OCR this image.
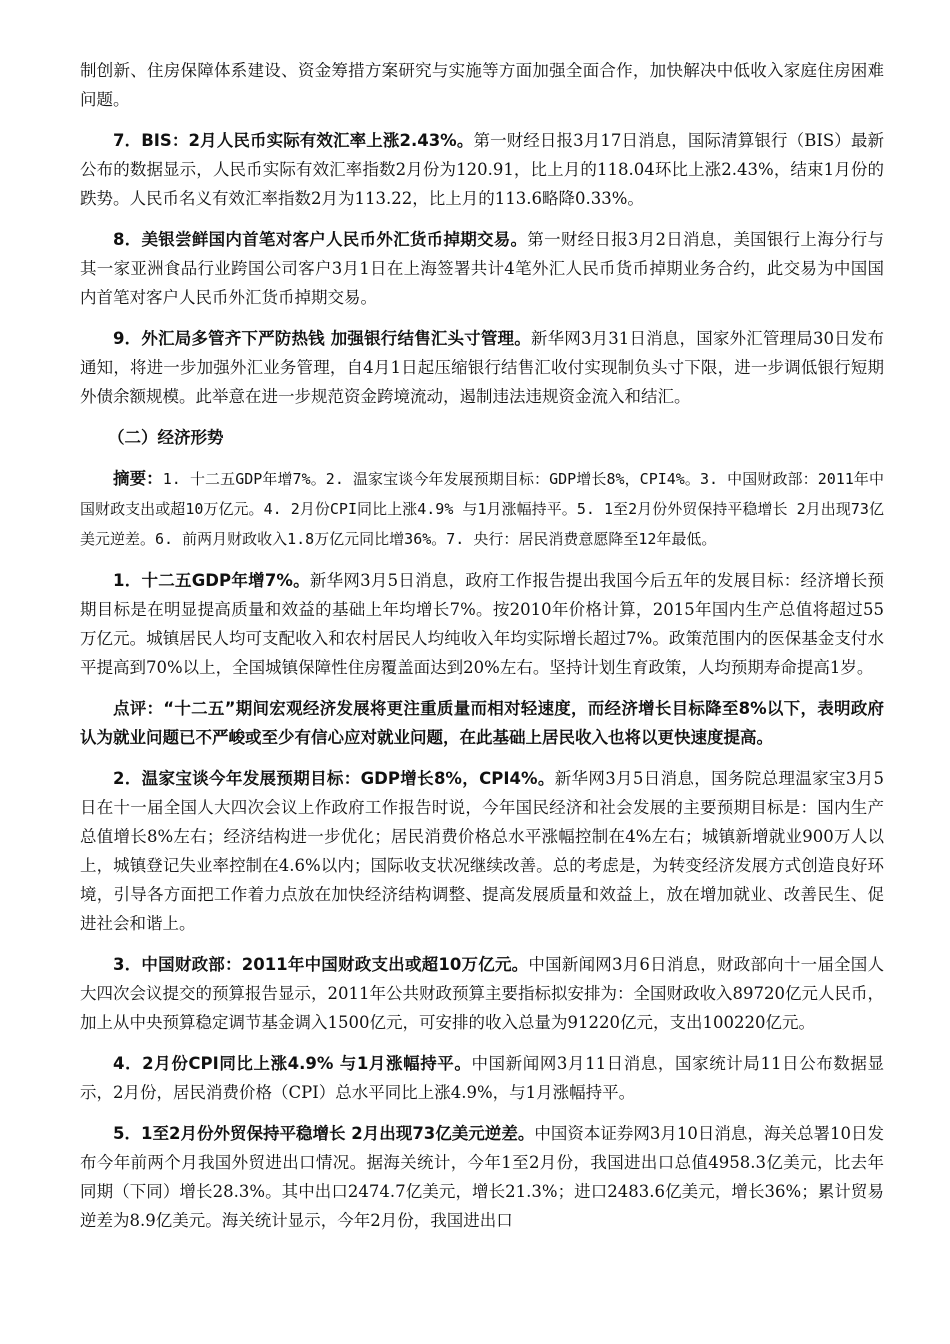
制创新、住房保障体系建设、资金筹措方案研究与实施等方面加强全面合作，加快解决中低收入家庭住房困难问题。

7．BIS：2月人民币实际有效汇率上涨2.43%。第一财经日报3月17日消息，国际清算银行（BIS）最新公布的数据显示，人民币实际有效汇率指数2月份为120.91，比上月的118.04环比上涨2.43%，结束1月份的跌势。人民币名义有效汇率指数2月为113.22，比上月的113.6略降0.33%。

8．美银尝鲜国内首笔对客户人民币外汇货币掉期交易。第一财经日报3月2日消息，美国银行上海分行与其一家亚洲食品行业跨国公司客户3月1日在上海签署共计4笔外汇人民币货币掉期业务合约，此交易为中国国内首笔对客户人民币外汇货币掉期交易。

9．外汇局多管齐下严防热钱 加强银行结售汇头寸管理。新华网3月31日消息，国家外汇管理局30日发布通知，将进一步加强外汇业务管理，自4月1日起压缩银行结售汇收付实现制负头寸下限，进一步调低银行短期外债余额规模。此举意在进一步规范资金跨境流动，遏制违法违规资金流入和结汇。

（二）经济形势

摘要：1. 十二五GDP年增7%。2. 温家宝谈今年发展预期目标：GDP增长8%，CPI4%。3. 中国财政部：2011年中国财政支出或超10万亿元。4. 2月份CPI同比上涨4.9% 与1月涨幅持平。5. 1至2月份外贸保持平稳增长 2月出现73亿美元逆差。6. 前两月财政收入1.8万亿元同比增36%。7. 央行：居民消费意愿降至12年最低。

1．十二五GDP年增7%。新华网3月5日消息，政府工作报告提出我国今后五年的发展目标：经济增长预期目标是在明显提高质量和效益的基础上年均增长7%。按2010年价格计算，2015年国内生产总值将超过55万亿元。城镇居民人均可支配收入和农村居民人均纯收入年均实际增长超过7%。政策范围内的医保基金支付水平提高到70%以上，全国城镇保障性住房覆盖面达到20%左右。坚持计划生育政策，人均预期寿命提高1岁。

点评：“十二五”期间宏观经济发展将更注重质量而相对轻速度，而经济增长目标降至8%以下，表明政府认为就业问题已不严峻或至少有信心应对就业问题，在此基础上居民收入也将以更快速度提高。

2．温家宝谈今年发展预期目标：GDP增长8%，CPI4%。新华网3月5日消息，国务院总理温家宝3月5日在十一届全国人大四次会议上作政府工作报告时说，今年国民经济和社会发展的主要预期目标是：国内生产总值增长8%左右；经济结构进一步优化；居民消费价格总水平涨幅控制在4%左右；城镇新增就业900万人以上，城镇登记失业率控制在4.6%以内；国际收支状况继续改善。总的考虑是，为转变经济发展方式创造良好环境，引导各方面把工作着力点放在加快经济结构调整、提高发展质量和效益上，放在增加就业、改善民生、促进社会和谐上。

3．中国财政部：2011年中国财政支出或超10万亿元。中国新闻网3月6日消息，财政部向十一届全国人大四次会议提交的预算报告显示，2011年公共财政预算主要指标拟安排为：全国财政收入89720亿元人民币，加上从中央预算稳定调节基金调入1500亿元，可安排的收入总量为91220亿元，支出100220亿元。

4．2月份CPI同比上涨4.9% 与1月涨幅持平。中国新闻网3月11日消息，国家统计局11日公布数据显示，2月份，居民消费价格（CPI）总水平同比上涨4.9%，与1月涨幅持平。

5．1至2月份外贸保持平稳增长 2月出现73亿美元逆差。中国资本证券网3月10日消息，海关总署10日发布今年前两个月我国外贸进出口情况。据海关统计，今年1至2月份，我国进出口总值4958.3亿美元，比去年同期（下同）增长28.3%。其中出口2474.7亿美元，增长21.3%；进口2483.6亿美元，增长36%；累计贸易逆差为8.9亿美元。海关统计显示，今年2月份，我国进出口
